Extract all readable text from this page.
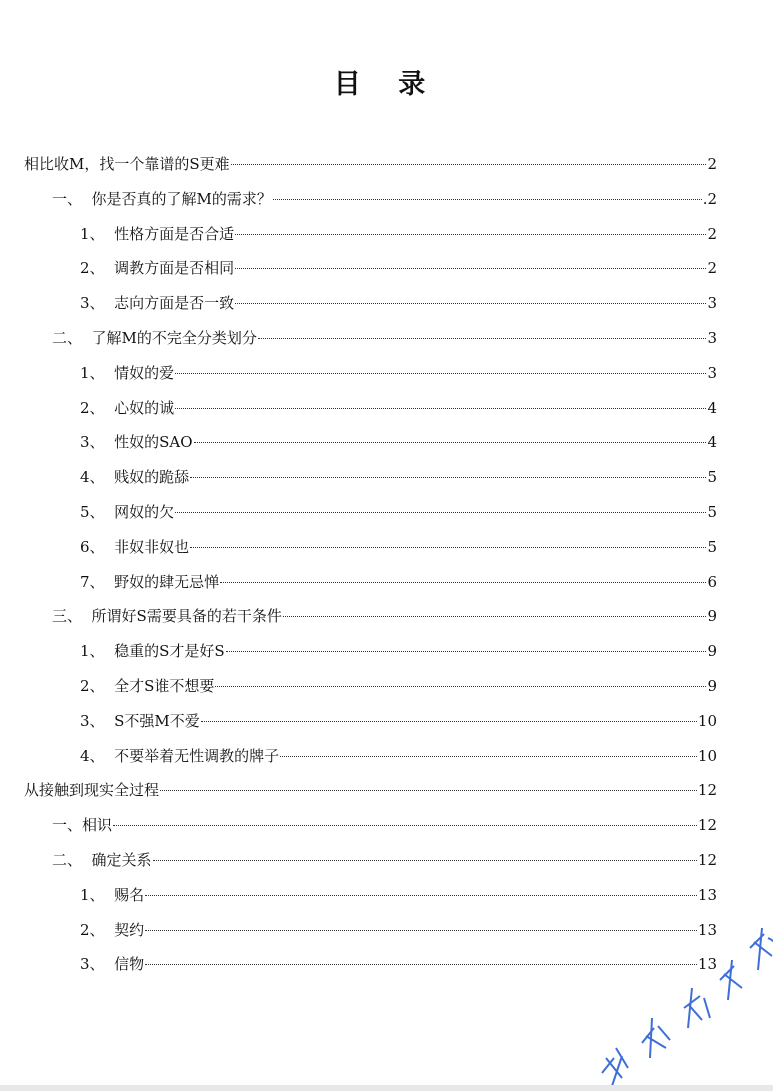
目 录
相比收M，找一个靠谱的S更难	2
一、 你是否真的了解M的需求？	.2
1、 性格方面是否合适	2
2、 调教方面是否相同	2
3、 志向方面是否一致	3
二、 了解M的不完全分类划分	3
1、 情奴的爱	3
2、 心奴的诚	4
3、 性奴的SAO	4
4、 贱奴的跪舔	5
5、 网奴的欠	5
6、 非奴非奴也	5
7、 野奴的肆无忌惮	6
三、 所谓好S需要具备的若干条件	9
1、 稳重的S才是好S	9
2、 全才S谁不想要	9
3、 S不强M不爱	10
4、 不要举着无性调教的牌子	10
从接触到现实全过程	12
一、 相识	12
二、 确定关系	12
1、 赐名	13
2、 契约	13
3、 信物	13
